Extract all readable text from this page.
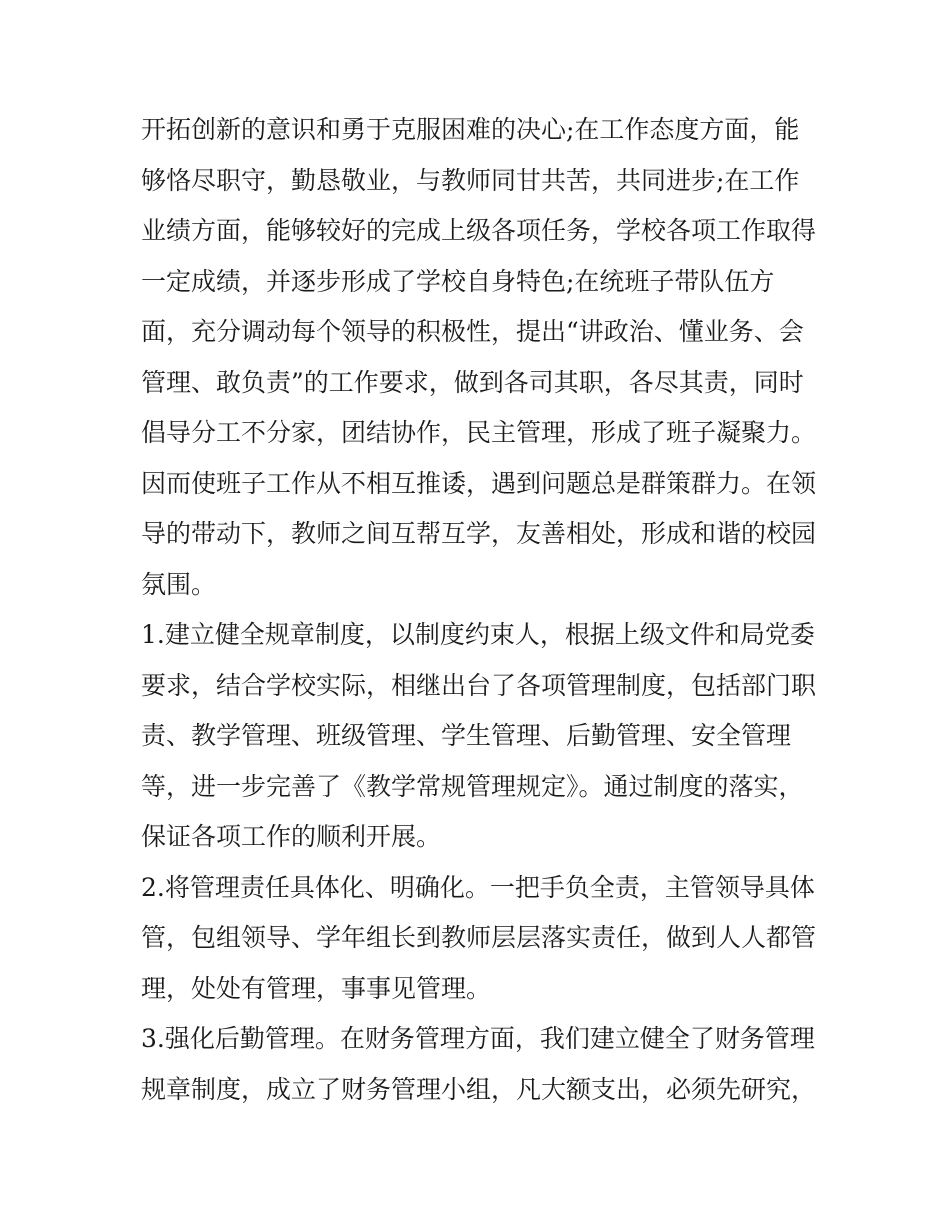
开拓创新的意识和勇于克服困难的决心;在工作态度方面，能
够恪尽职守，勤恳敬业，与教师同甘共苦，共同进步;在工作
业绩方面，能够较好的完成上级各项任务，学校各项工作取得
一定成绩，并逐步形成了学校自身特色;在统班子带队伍方
面，充分调动每个领导的积极性，提出“讲政治、懂业务、会
管理、敢负责”的工作要求，做到各司其职，各尽其责，同时
倡导分工不分家，团结协作，民主管理，形成了班子凝聚力。
因而使班子工作从不相互推诿，遇到问题总是群策群力。在领
导的带动下，教师之间互帮互学，友善相处，形成和谐的校园
氛围。
1.建立健全规章制度，以制度约束人，根据上级文件和局党委
要求，结合学校实际，相继出台了各项管理制度，包括部门职
责、教学管理、班级管理、学生管理、后勤管理、安全管理
等，进一步完善了《教学常规管理规定》。通过制度的落实，
保证各项工作的顺利开展。
2.将管理责任具体化、明确化。一把手负全责，主管领导具体
管，包组领导、学年组长到教师层层落实责任，做到人人都管
理，处处有管理，事事见管理。
3.强化后勤管理。在财务管理方面，我们建立健全了财务管理
规章制度，成立了财务管理小组，凡大额支出，必须先研究，
